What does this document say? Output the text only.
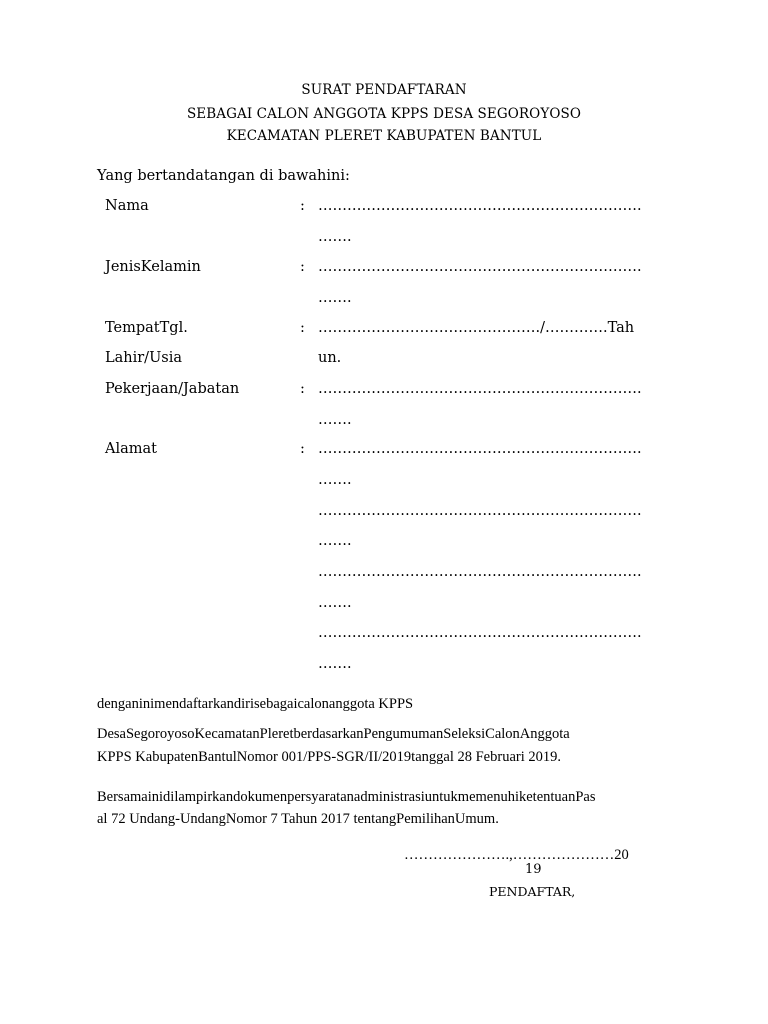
SURAT PENDAFTARAN
SEBAGAI CALON ANGGOTA KPPS DESA SEGOROYOSO
KECAMATAN PLERET KABUPATEN BANTUL
Yang bertandatangan di bawahini:
Nama	: ………………………………………………………….
…….
JenisKelamin	: ………………………………………………………….
…….
TempatTgl.
Lahir/Usia
: ………………………………………./………….Tah
un.
Pekerjaan/Jabatan	: ………………………………………………………….
…….
Alamat	: ………………………………………………………….
…….
………………………………………………………….
…….
………………………………………………………….
…….
………………………………………………………….
…….
denganinimendaftarkandirisebagaicalonanggota KPPS
DesaSegoroyosoKecamatanPleretberdasarkanPengumumanSeleksiCalonAnggota
KPPS KabupatenBantulNomor 001/PPS-SGR/II/2019tanggal 28 Februari 2019.
BersamainidilampirkandokumenpersyaratanadministrasiuntukmemenuhiketentuanPas
al 72 Undang-UndangNomor 7 Tahun 2017 tentangPemilihanUmum.
………………….,…………………20
19
PENDAFTAR,
